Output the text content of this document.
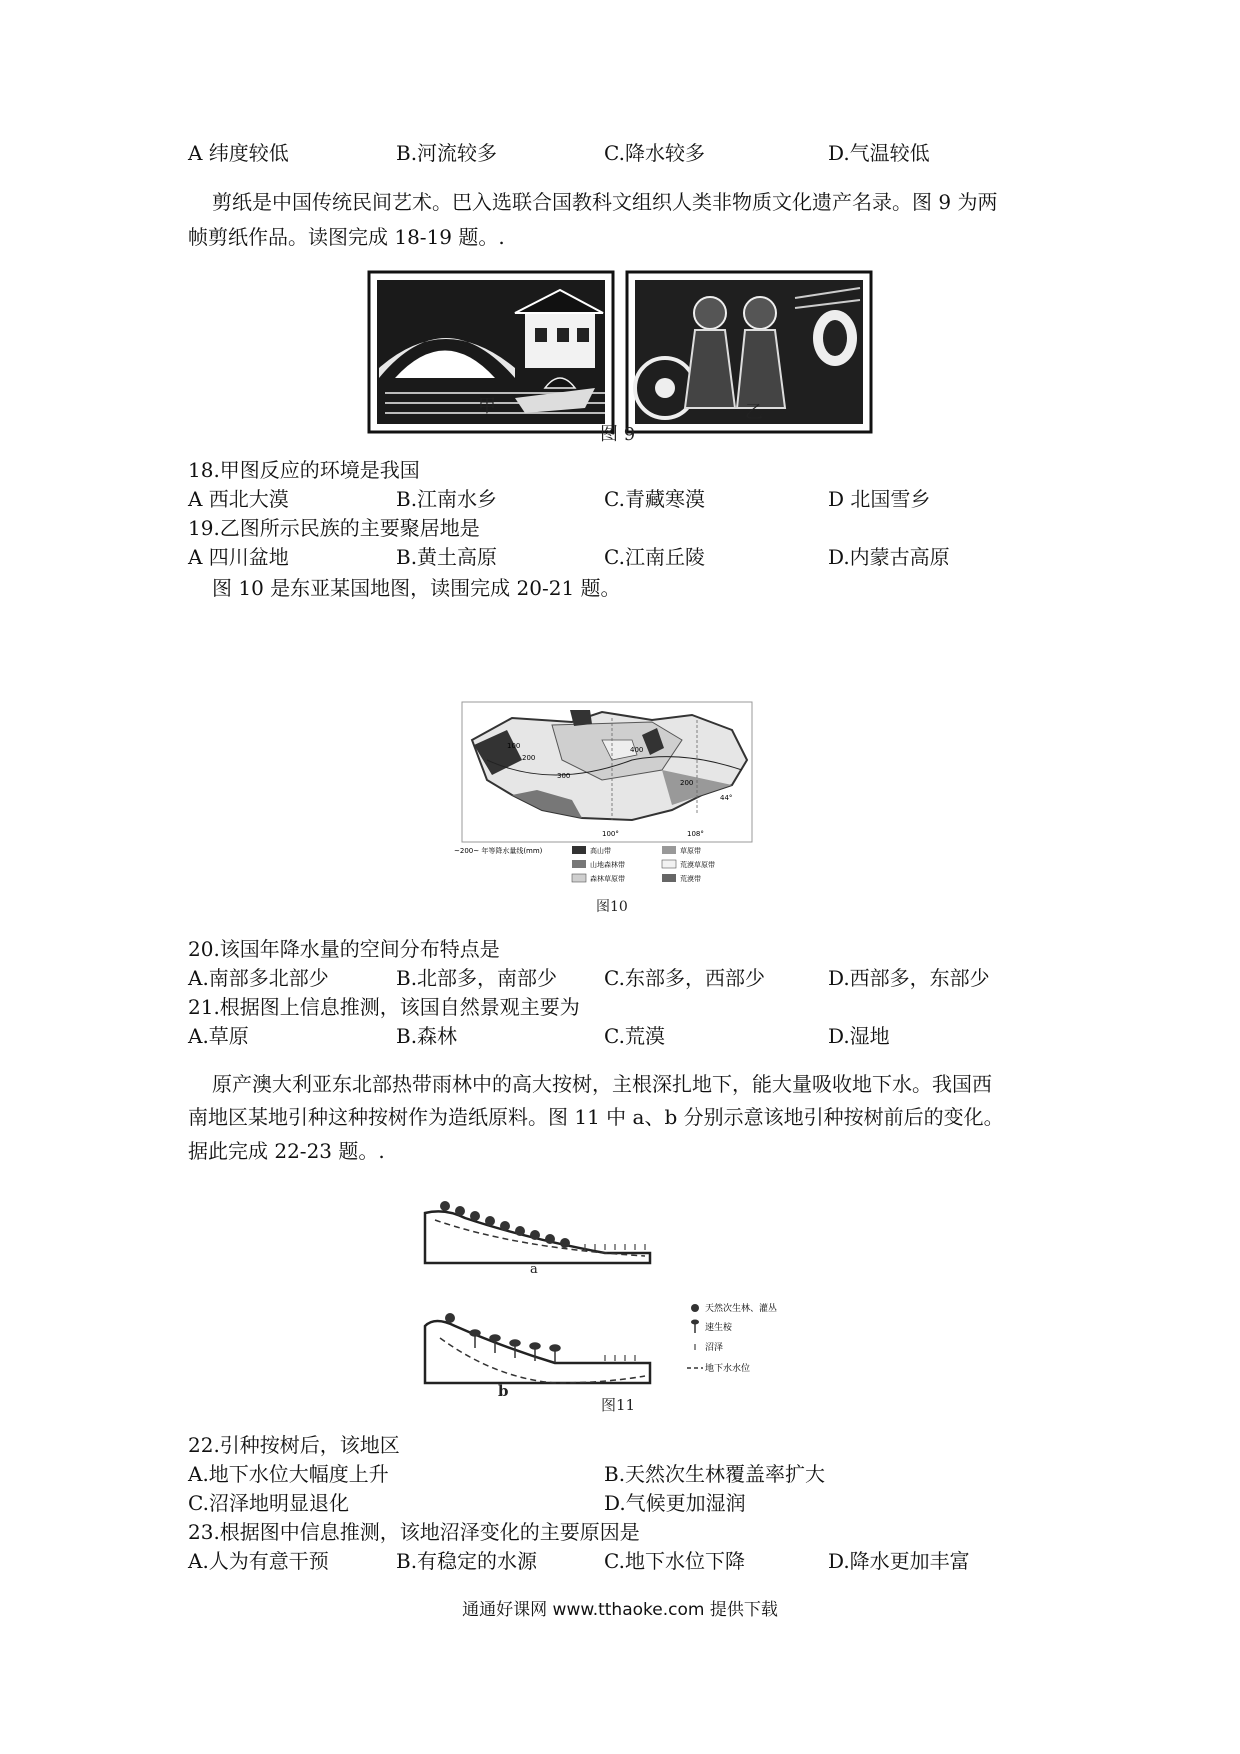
A 纬度较低	B.河流较多	C.降水较多	D.气温较低
剪纸是中国传统民间艺术。巴入选联合国教科文组织人类非物质文化遗产名录。图 9 为两
帧剪纸作品。读图完成 18-19 题。.
甲	乙
图 9
18.甲图反应的环境是我国
A 西北大漠	B.江南水乡	C.青藏寒漠	D 北国雪乡
19.乙图所示民族的主要聚居地是
A 四川盆地	B.黄土高原	C.江南丘陵	D.内蒙古高原
图 10 是东亚某国地图，读围完成 20-21 题。
100
200
400
300
200
44°
100°	108°
~200~ 年等降水量线(mm)	高山带	草原带
山地森林带	荒漠草原带
森林草原带	荒漠带
图10
20.该国年降水量的空间分布特点是
A.南部多北部少	B.北部多，南部少 C.东部多，西部少	D.西部多，东部少
21.根据图上信息推测，该国自然景观主要为
A.草原	B.森林	C.荒漠	D.湿地
原产澳大利亚东北部热带雨林中的高大按树，主根深扎地下，能大量吸收地下水。我国西
南地区某地引种这种按树作为造纸原料。图 11 中 a、b 分别示意该地引种按树前后的变化。
据此完成 22-23 题。.
天然次生林、灌丛
速生桉
沼泽
地下水水位
a
b
图11
22.引种按树后，该地区
A.地下水位大幅度上升	B.天然次生林覆盖率扩大
C.沼泽地明显退化	D.气候更加湿润
23.根据图中信息推测，该地沼泽变化的主要原因是
A.人为有意干预	B.有稳定的水源	C.地下水位下降	D.降水更加丰富
通通好课网 www.tthaoke.com 提供下载
